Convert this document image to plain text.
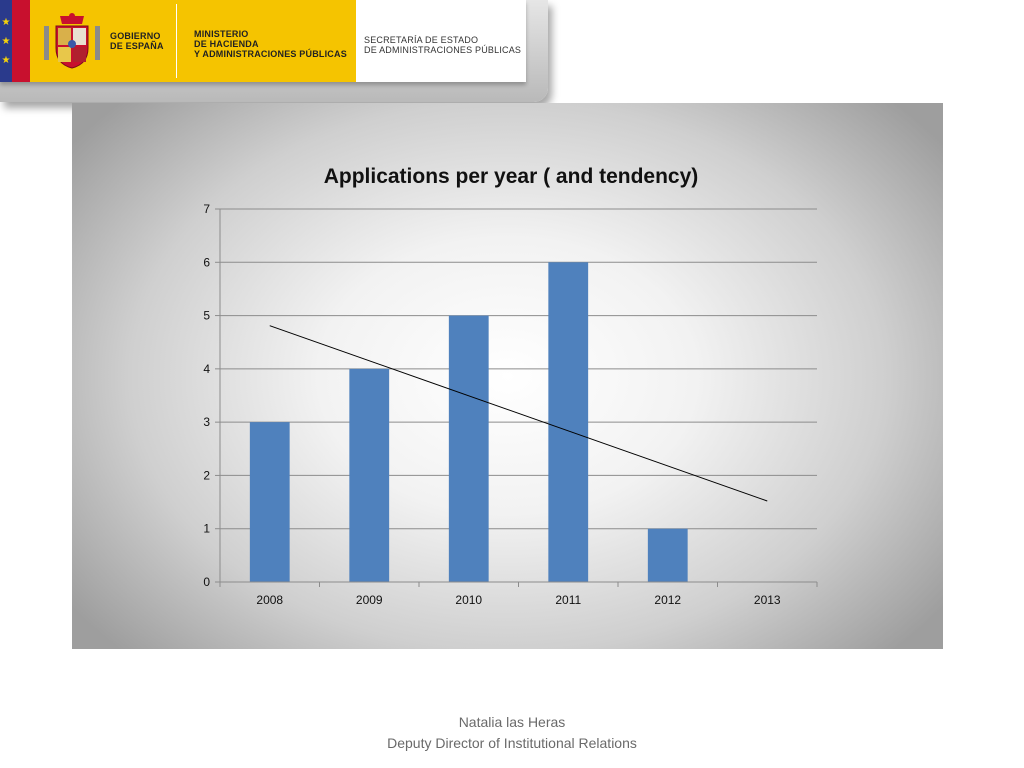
★
★
★
GOBIERNO
DE ESPAÑA
MINISTERIO
DE HACIENDA
Y ADMINISTRACIONES PÚBLICAS
SECRETARÍA DE ESTADO
DE ADMINISTRACIONES PÚBLICAS
Applications per year ( and tendency)
0
1
2
3
4
5
6
7
2008	2009	2010	2011	2012	2013
Natalia las Heras
Deputy Director of Institutional Relations
